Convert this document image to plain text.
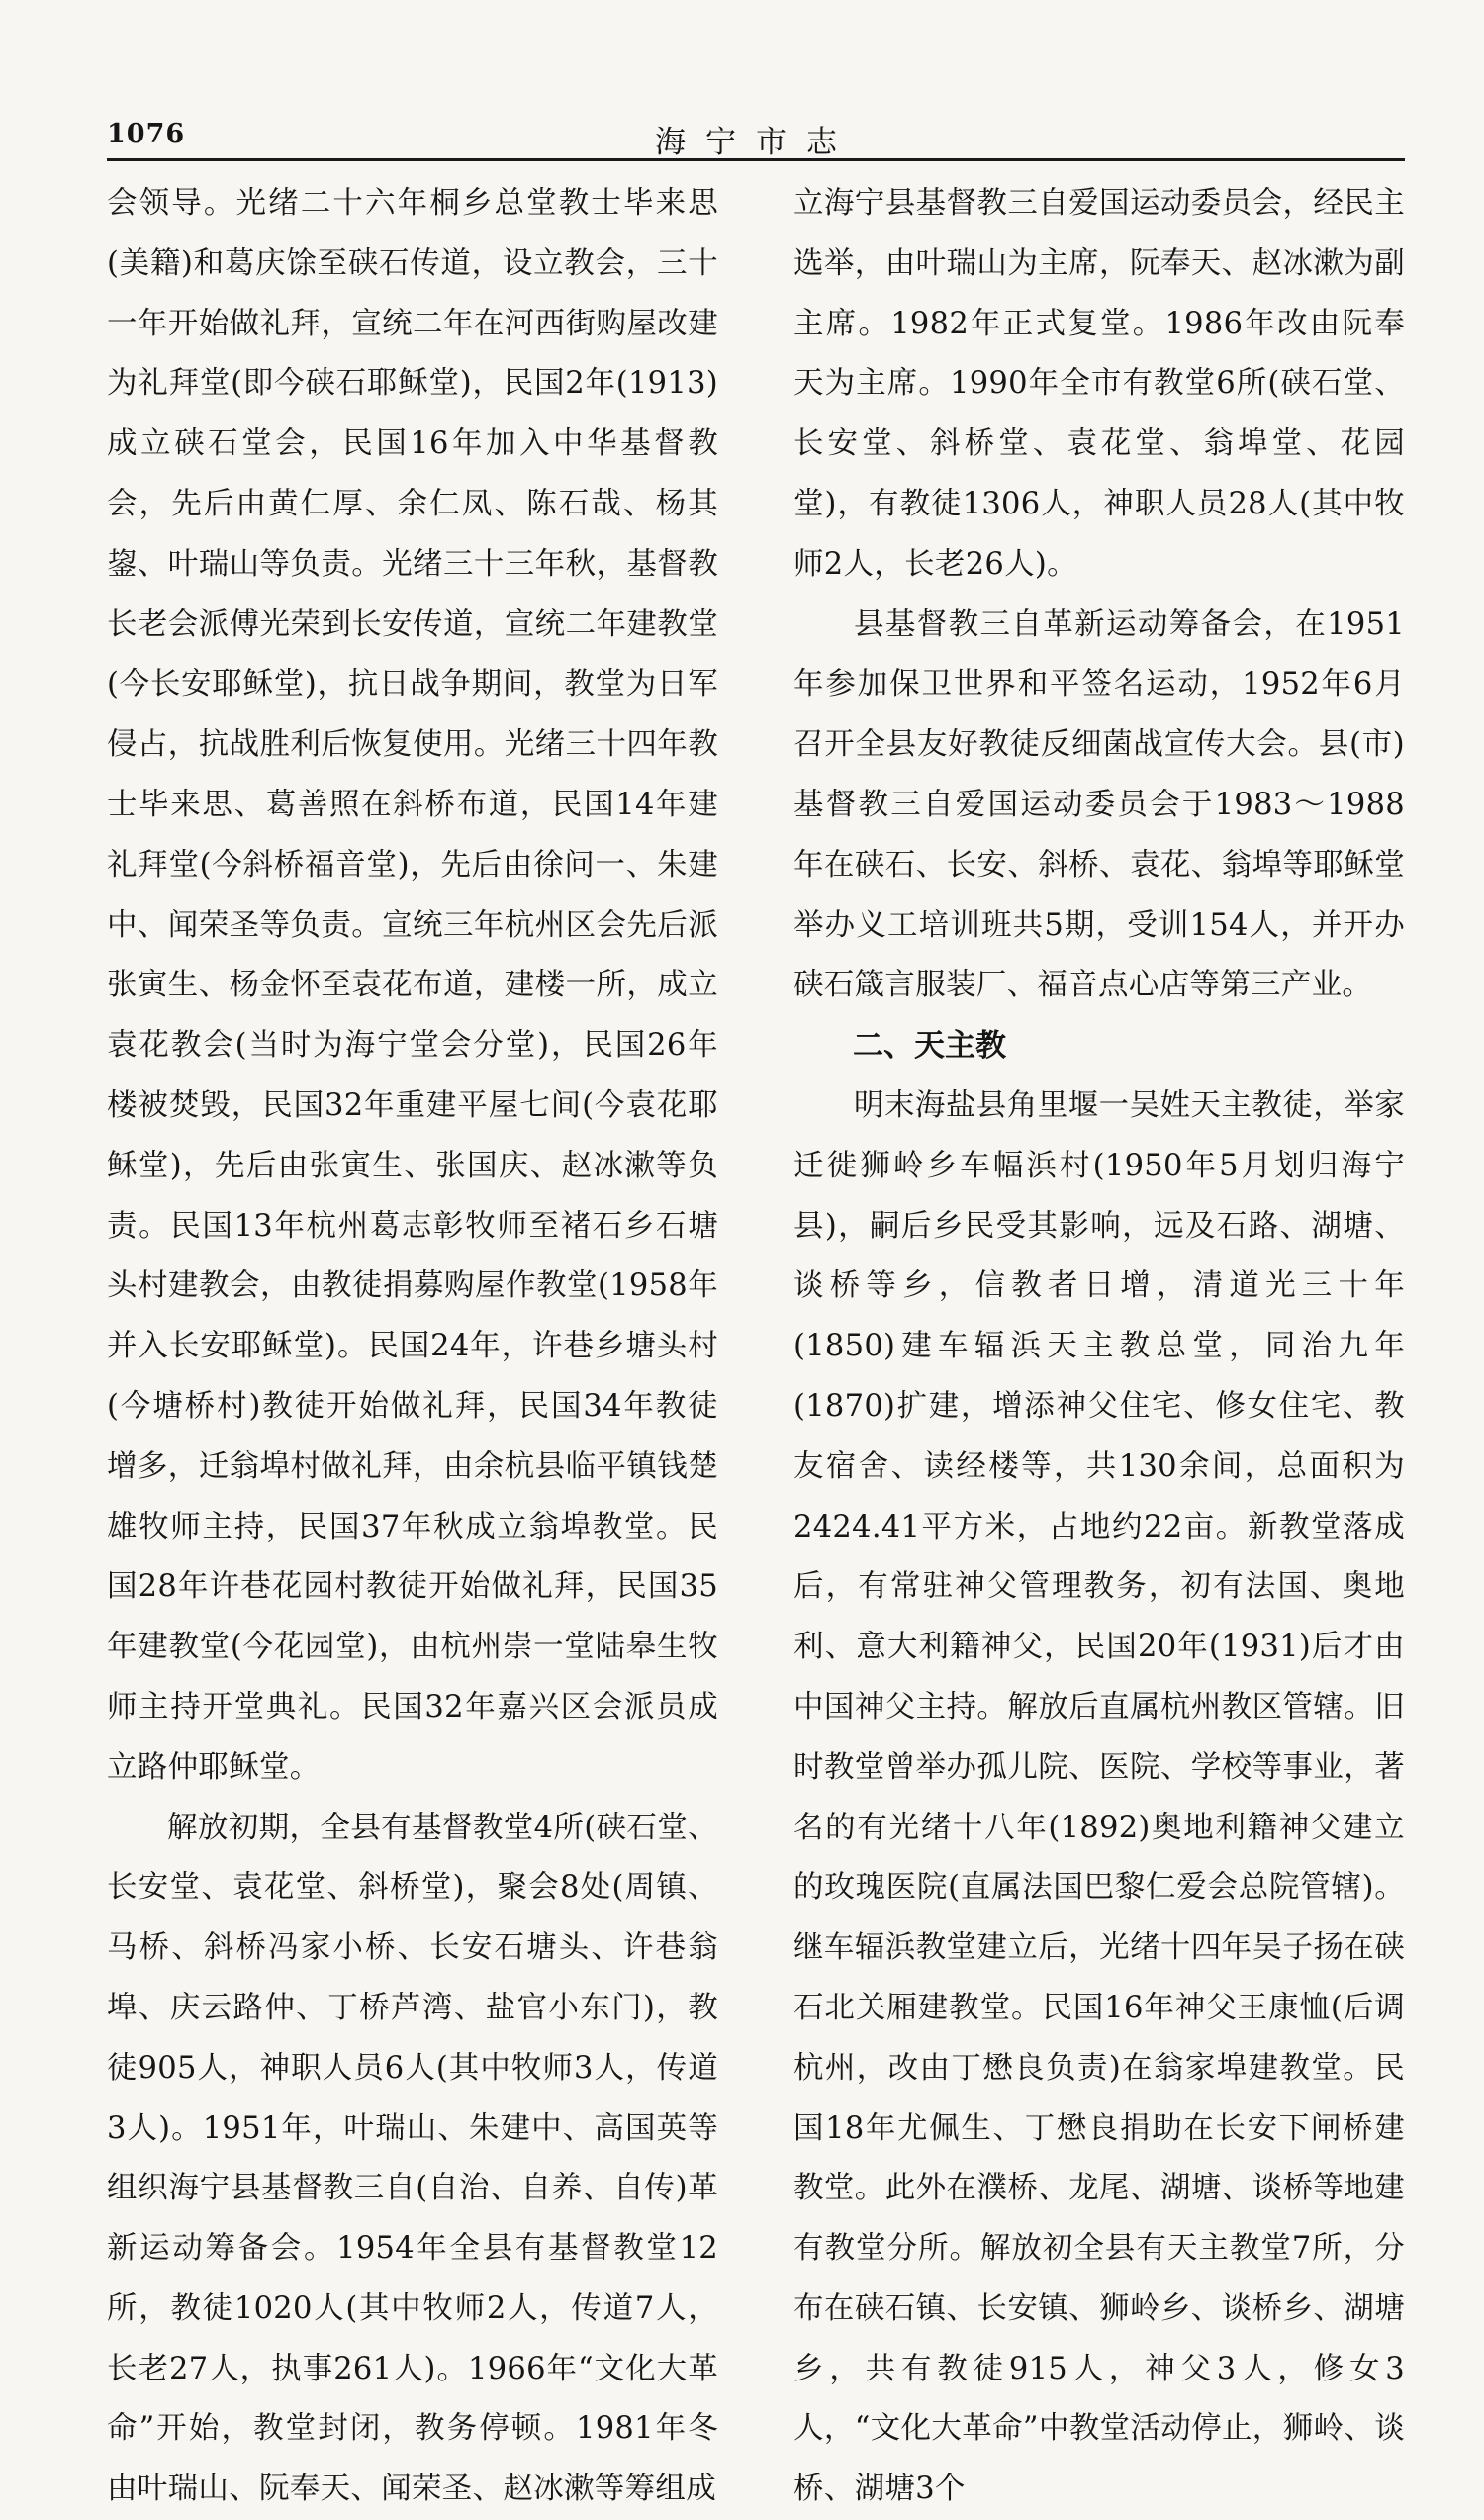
1076	海宁市志

会领导。光绪二十六年桐乡总堂教士毕来思(美籍)和葛庆馀至硖石传道，设立教会，三十一年开始做礼拜，宣统二年在河西街购屋改建为礼拜堂(即今硖石耶稣堂)，民国2年(1913)成立硖石堂会，民国16年加入中华基督教会，先后由黄仁厚、余仁凤、陈石哉、杨其鋆、叶瑞山等负责。光绪三十三年秋，基督教长老会派傅光荣到长安传道，宣统二年建教堂(今长安耶稣堂)，抗日战争期间，教堂为日军侵占，抗战胜利后恢复使用。光绪三十四年教士毕来思、葛善照在斜桥布道，民国14年建礼拜堂(今斜桥福音堂)，先后由徐问一、朱建中、闻荣圣等负责。宣统三年杭州区会先后派张寅生、杨金怀至袁花布道，建楼一所，成立袁花教会(当时为海宁堂会分堂)，民国26年楼被焚毁，民国32年重建平屋七间(今袁花耶稣堂)，先后由张寅生、张国庆、赵冰漱等负责。民国13年杭州葛志彰牧师至褚石乡石塘头村建教会，由教徒捐募购屋作教堂(1958年并入长安耶稣堂)。民国24年，许巷乡塘头村(今塘桥村)教徒开始做礼拜，民国34年教徒增多，迁翁埠村做礼拜，由余杭县临平镇钱楚雄牧师主持，民国37年秋成立翁埠教堂。民国28年许巷花园村教徒开始做礼拜，民国35年建教堂(今花园堂)，由杭州崇一堂陆皋生牧师主持开堂典礼。民国32年嘉兴区会派员成立路仲耶稣堂。

解放初期，全县有基督教堂4所(硖石堂、长安堂、袁花堂、斜桥堂)，聚会8处(周镇、马桥、斜桥冯家小桥、长安石塘头、许巷翁埠、庆云路仲、丁桥芦湾、盐官小东门)，教徒905人，神职人员6人(其中牧师3人，传道3人)。1951年，叶瑞山、朱建中、高国英等组织海宁县基督教三自(自治、自养、自传)革新运动筹备会。1954年全县有基督教堂12所，教徒1020人(其中牧师2人，传道7人，长老27人，执事261人)。1966年“文化大革命”开始，教堂封闭，教务停顿。1981年冬由叶瑞山、阮奉天、闻荣圣、赵冰漱等筹组成

立海宁县基督教三自爱国运动委员会，经民主选举，由叶瑞山为主席，阮奉天、赵冰漱为副主席。1982年正式复堂。1986年改由阮奉天为主席。1990年全市有教堂6所(硖石堂、长安堂、斜桥堂、袁花堂、翁埠堂、花园堂)，有教徒1306人，神职人员28人(其中牧师2人，长老26人)。

县基督教三自革新运动筹备会，在1951年参加保卫世界和平签名运动，1952年6月召开全县友好教徒反细菌战宣传大会。县(市)基督教三自爱国运动委员会于1983～1988年在硖石、长安、斜桥、袁花、翁埠等耶稣堂举办义工培训班共5期，受训154人，并开办硖石箴言服装厂、福音点心店等第三产业。

二、天主教

明末海盐县角里堰一吴姓天主教徒，举家迁徙狮岭乡车幅浜村(1950年5月划归海宁县)，嗣后乡民受其影响，远及石路、湖塘、谈桥等乡，信教者日增，清道光三十年(1850)建车辐浜天主教总堂，同治九年(1870)扩建，增添神父住宅、修女住宅、教友宿舍、读经楼等，共130余间，总面积为2424.41平方米，占地约22亩。新教堂落成后，有常驻神父管理教务，初有法国、奥地利、意大利籍神父，民国20年(1931)后才由中国神父主持。解放后直属杭州教区管辖。旧时教堂曾举办孤儿院、医院、学校等事业，著名的有光绪十八年(1892)奥地利籍神父建立的玫瑰医院(直属法国巴黎仁爱会总院管辖)。继车辐浜教堂建立后，光绪十四年吴子扬在硖石北关厢建教堂。民国16年神父王康恤(后调杭州，改由丁懋良负责)在翁家埠建教堂。民国18年尤佩生、丁懋良捐助在长安下闸桥建教堂。此外在濮桥、龙尾、湖塘、谈桥等地建有教堂分所。解放初全县有天主教堂7所，分布在硖石镇、长安镇、狮岭乡、谈桥乡、湖塘乡，共有教徒915人，神父3人，修女3人，“文化大革命”中教堂活动停止，狮岭、谈桥、湖塘3个
